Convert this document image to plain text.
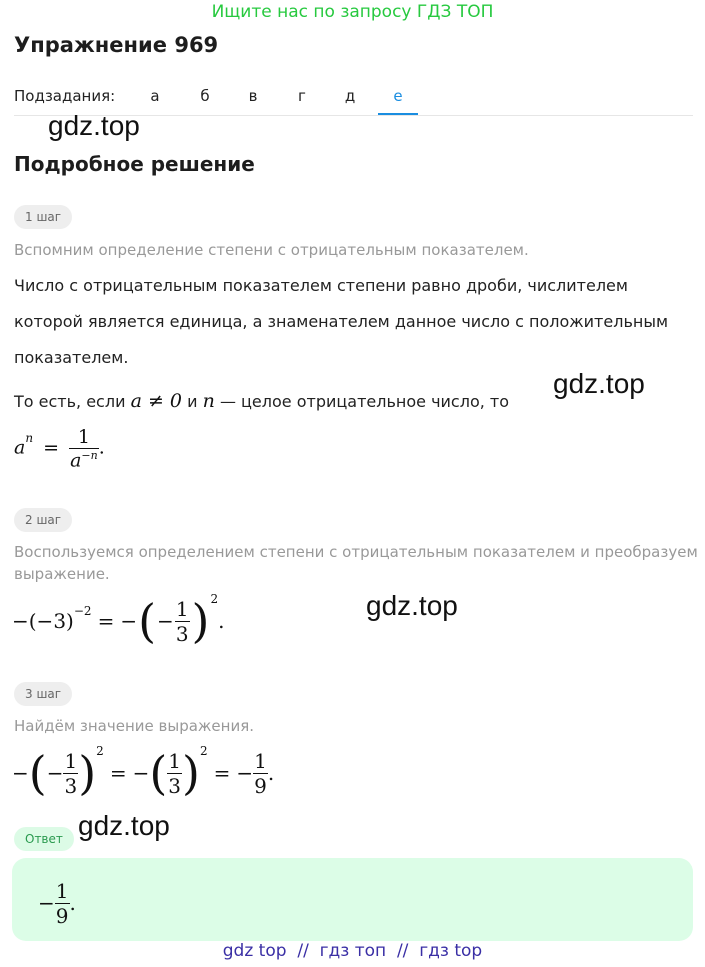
Ищите нас по запросу ГДЗ ТОП
Упражнение 969
Подзадания:	а	б	в	г	д	е
gdz.top
gdz.top
gdz.top
gdz.top
Подробное решение
1 шаг
Вспомним определение степени с отрицательным показателем.
Число с отрицательным показателем степени равно дроби, числителем
которой является единица, а знаменателем данное число с положительным
показателем.
То есть, если a ≠ 0 и n — целое отрицательное число, то
$a^n = \frac{1}{a^{-n}}$ .
2 шаг
Воспользуемся определением степени с отрицательным показателем и преобразуем
выражение.
$-(-3)^{-2}$ = − ( − $\frac{1}{3} )^2$
.
3 шаг
Найдём значение выражения.
− ( − $\frac{1}{3} )^2$
= − ( $\frac{1}{3} )^2$
= − $\frac{1}{9}$ .
Ответ
− $\frac{1}{9}$ .
gdz top  //  гдз топ  //  гдз top
